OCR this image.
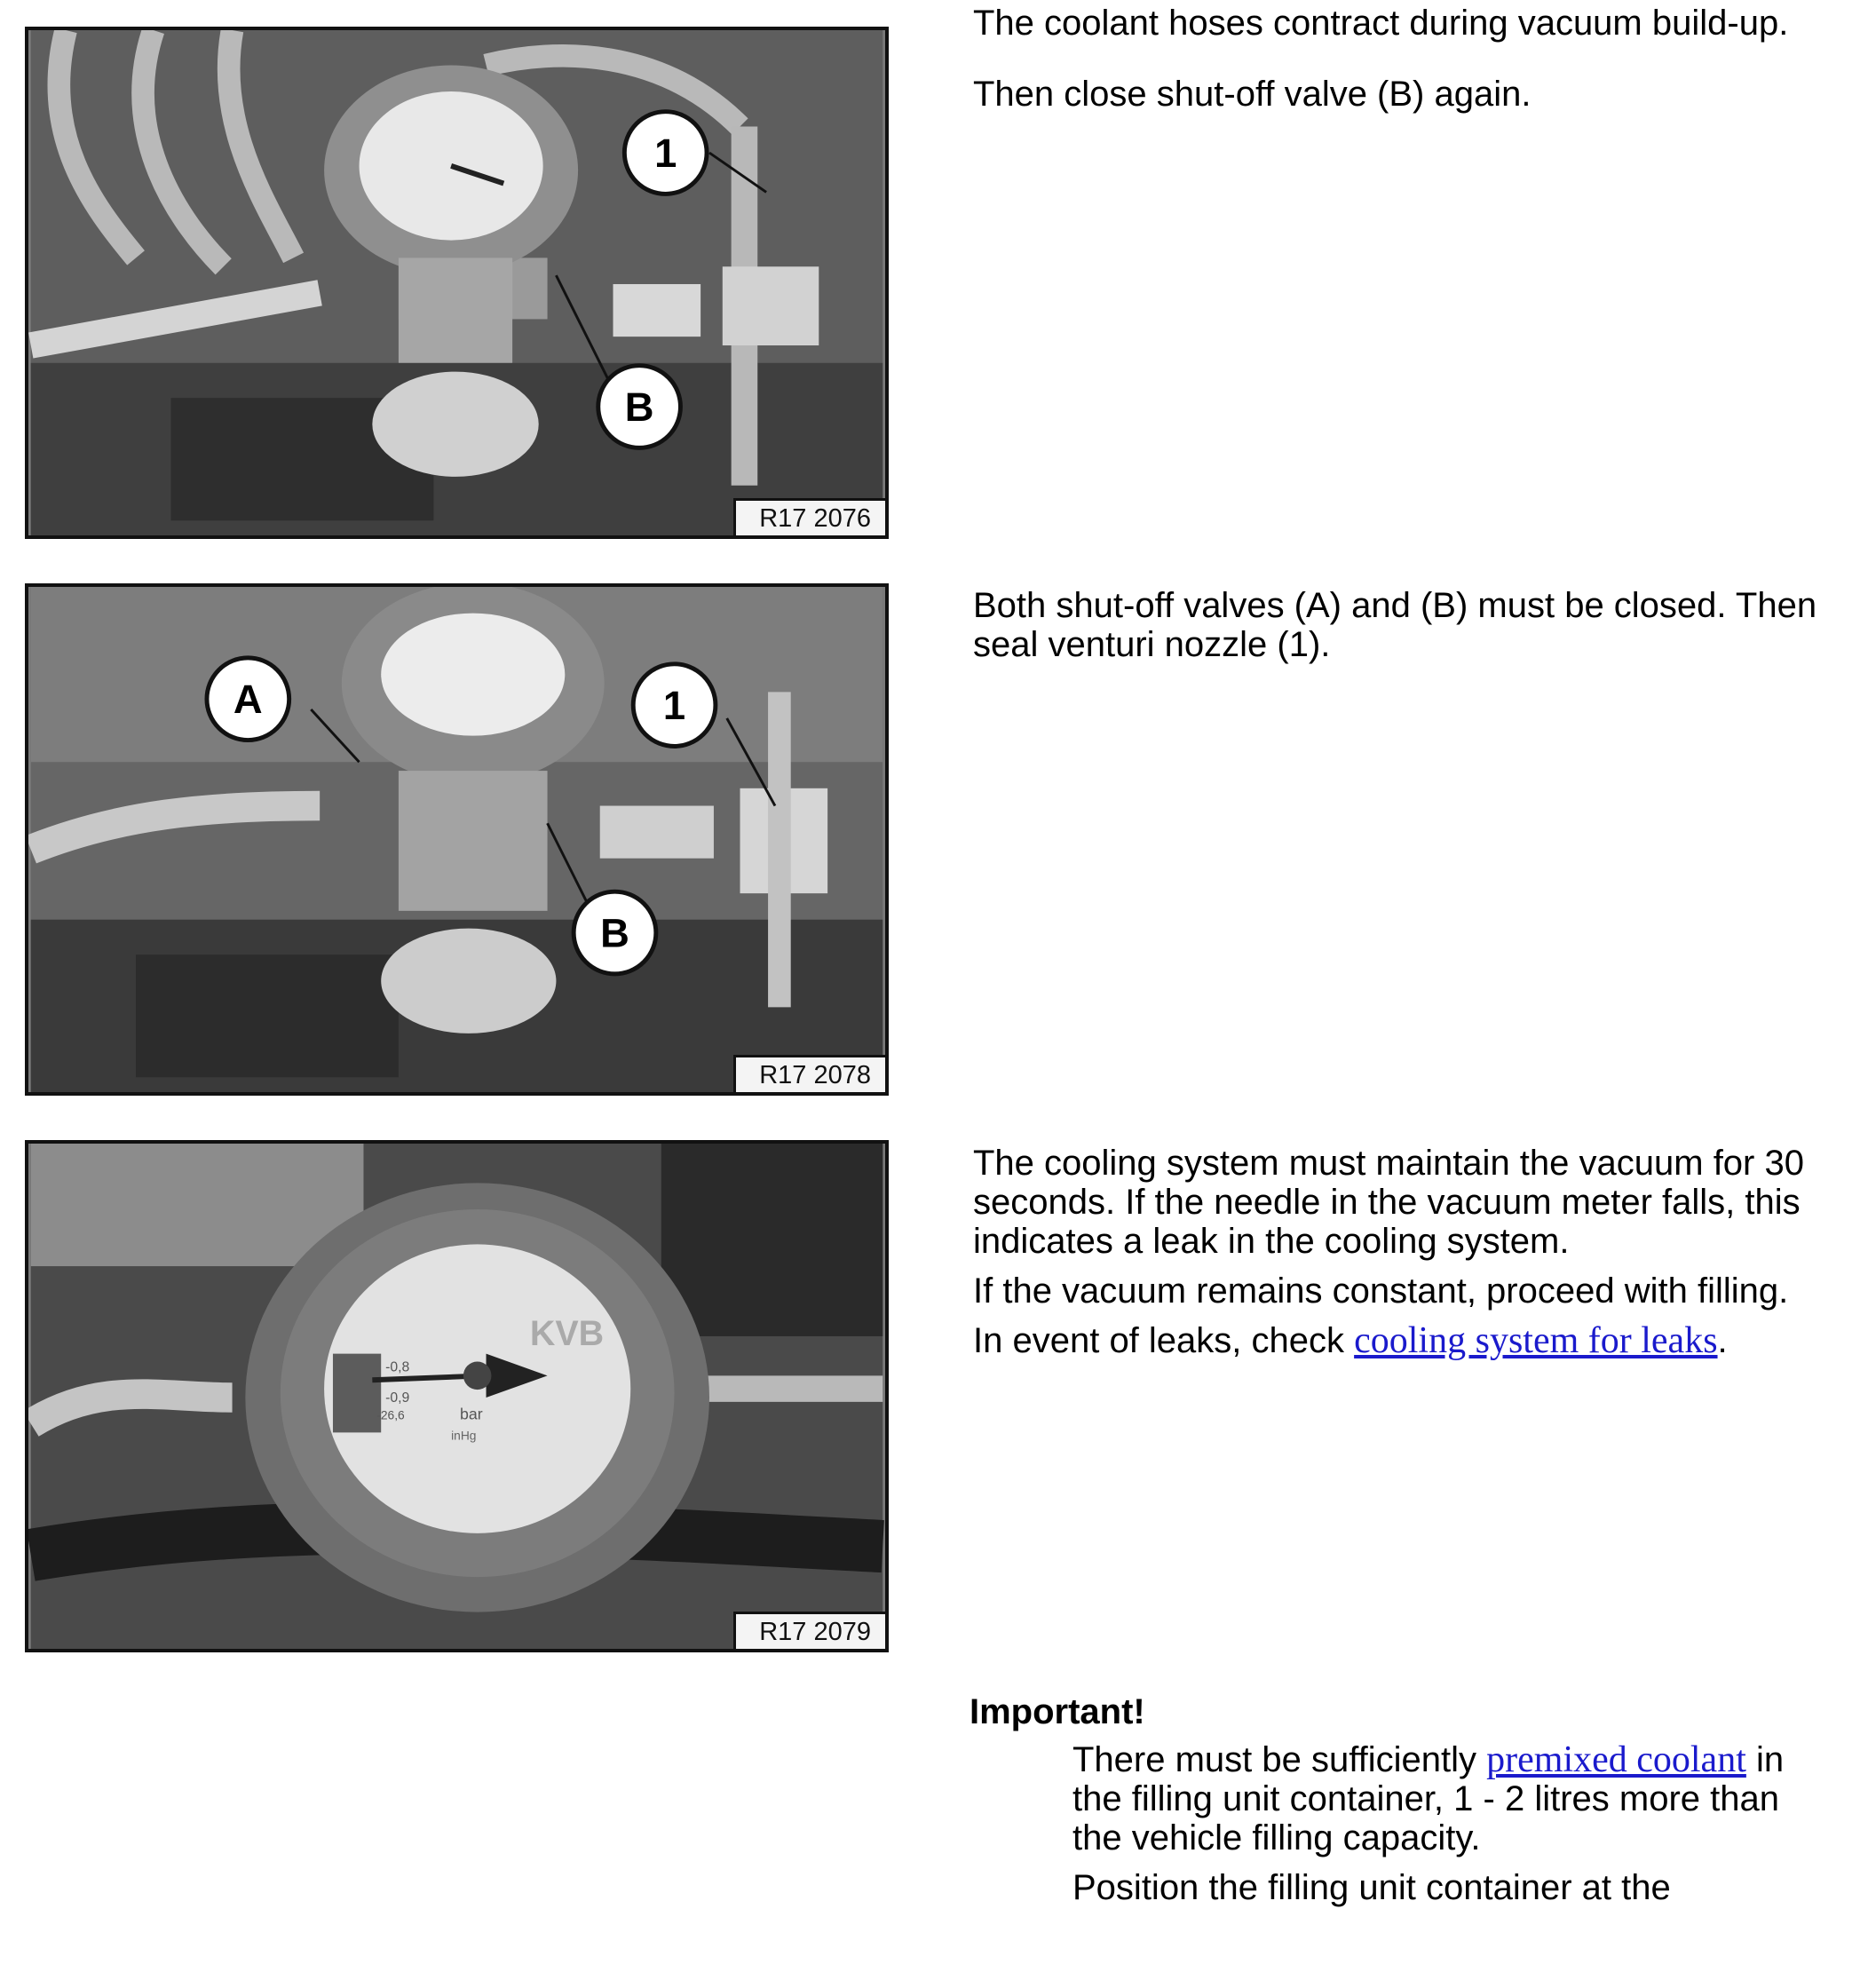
1
B
R17 2076
A	1
B
R17 2078
KVB
-0,8
-0,9
-26,6	bar
inHg
R17 2079

The coolant hoses contract during vacuum build-up.

Then close shut-off valve (B) again.

Both shut-off valves (A) and (B) must be closed. Then seal venturi nozzle (1).

The cooling system must maintain the vacuum for 30 seconds. If the needle in the vacuum meter falls, this indicates a leak in the cooling system.

If the vacuum remains constant, proceed with filling.

In event of leaks, check cooling system for leaks.

Important!

There must be sufficiently premixed coolant in the filling unit container, 1 - 2 litres more than the vehicle filling capacity.

Position the filling unit container at the
